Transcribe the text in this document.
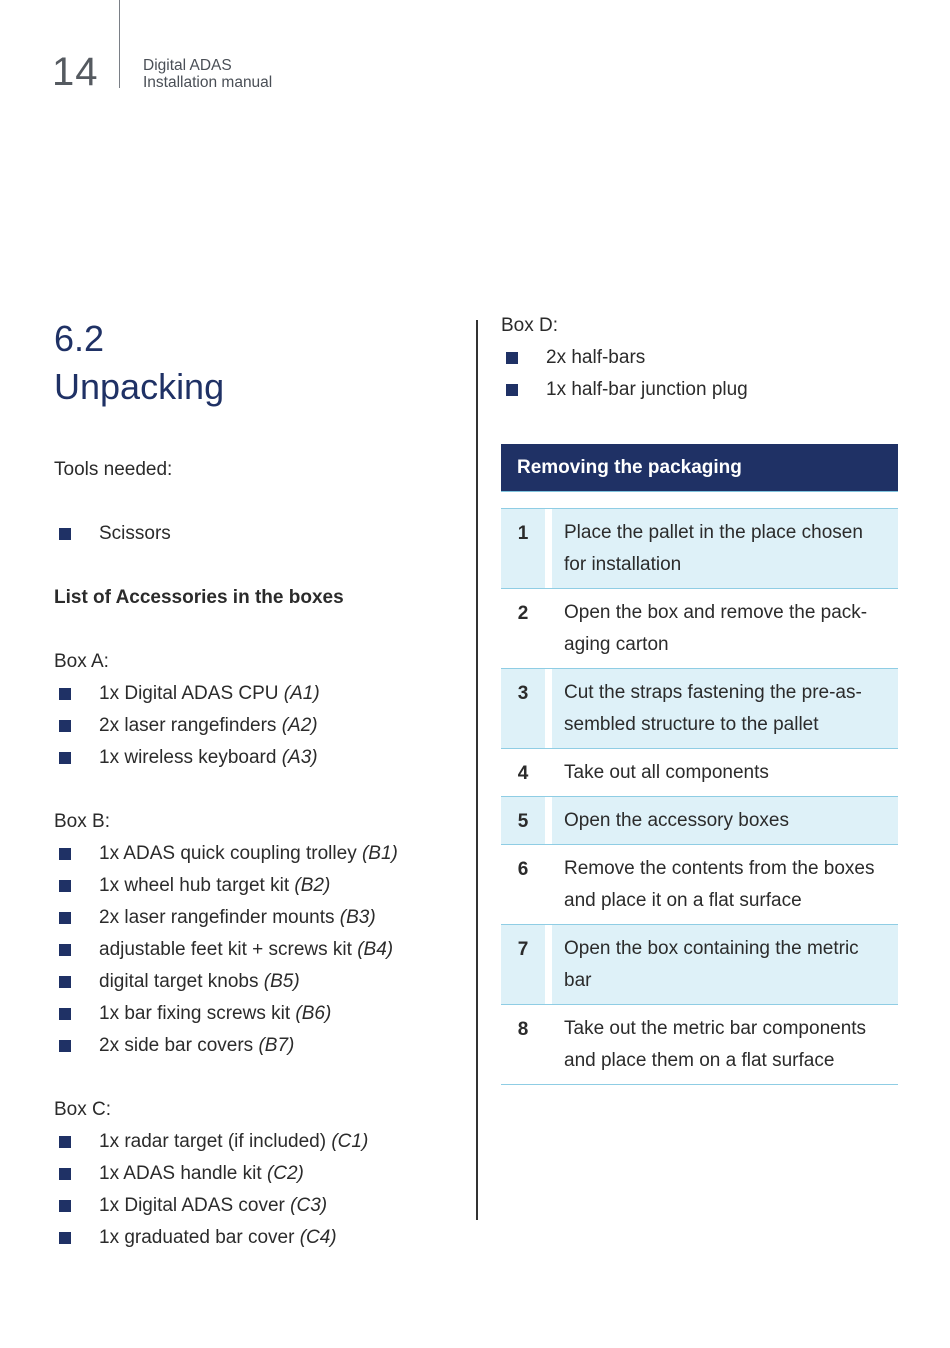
14	Digital ADAS
Installation manual
6.2
Unpacking

Tools needed:

Scissors

List of Accessories in the boxes

Box A:

1x Digital ADAS CPU (A1)
2x laser rangefinders (A2)
1x wireless keyboard (A3)

Box B:

1x ADAS quick coupling trolley (B1)
1x wheel hub target kit (B2)
2x laser rangefinder mounts (B3)
adjustable feet kit + screws kit (B4)
digital target knobs (B5)
1x bar fixing screws kit (B6)
2x side bar covers (B7)

Box C:

1x radar target (if included) (C1)
1x ADAS handle kit (C2)
1x Digital ADAS cover (C3)
1x graduated bar cover (C4)

Box D:

2x half-bars
1x half-bar junction plug
Removing the packaging
1	Place the pallet in the place chosen for installation
2	Open the box and remove the pack-aging carton
3	Cut the straps fastening the pre-as-sembled structure to the pallet
4	Take out all components
5	Open the accessory boxes
6	Remove the contents from the boxes and place it on a flat surface
7	Open the box containing the metric bar
8	Take out the metric bar components and place them on a flat surface
